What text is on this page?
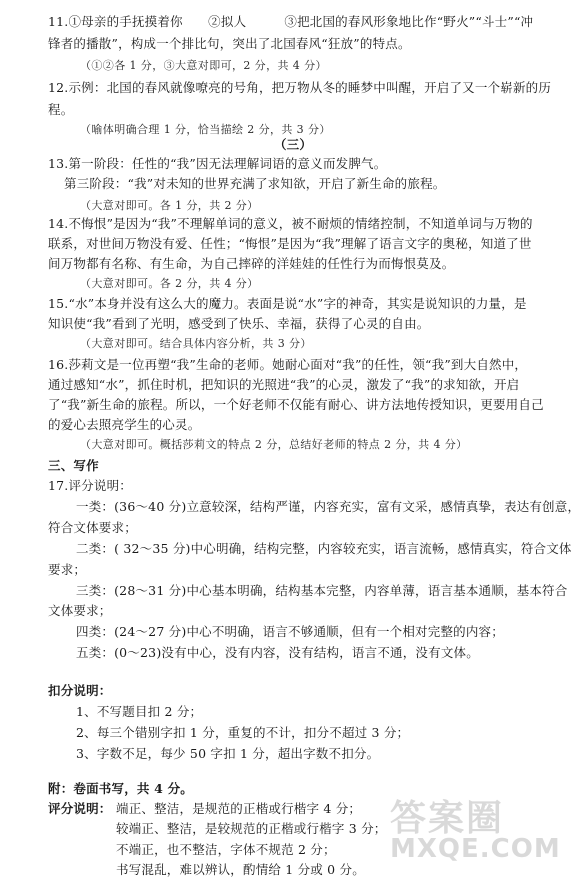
11.①母亲的手抚摸着你　　②拟人　　　③把北国的春风形象地比作“野火”“斗士”“冲
锋者的播散”，构成一个排比句，突出了北国春风“狂放”的特点。
（①②各 1 分，③大意对即可，2 分，共 4 分）
12.示例：北国的春风就像嘹亮的号角，把万物从冬的睡梦中叫醒，开启了又一个崭新的历
程。
（喻体明确合理 1 分，恰当描绘 2 分，共 3 分）
（三）
13.第一阶段：任性的“我”因无法理解词语的意义而发脾气。
第三阶段：“我”对未知的世界充满了求知欲，开启了新生命的旅程。
（大意对即可。各 1 分，共 2 分）
14.不悔恨”是因为“我”不理解单词的意义，被不耐烦的情绪控制，不知道单词与万物的
联系，对世间万物没有爱、任性；“悔恨”是因为“我”理解了语言文字的奥秘，知道了世
间万物都有名称、有生命，为自己摔碎的洋娃娃的任性行为而悔恨莫及。
（大意对即可。各 2 分，共 4 分）
15.“水”本身并没有这么大的魔力。表面是说“水”字的神奇，其实是说知识的力量，是
知识使“我”看到了光明，感受到了快乐、幸福，获得了心灵的自由。
（大意对即可。结合具体内容分析，共 3 分）
16.莎莉文是一位再塑“我”生命的老师。她耐心面对“我”的任性，领“我”到大自然中，
通过感知“水”，抓住时机，把知识的光照进“我”的心灵，激发了“我”的求知欲，开启
了“我”新生命的旅程。所以，一个好老师不仅能有耐心、讲方法地传授知识，更要用自己
的爱心去照亮学生的心灵。
（大意对即可。概括莎莉文的特点 2 分，总结好老师的特点 2 分，共 4 分）
三、写作
17.评分说明：
一类：(36～40 分)立意较深，结构严谨，内容充实，富有文采，感情真挚，表达有创意，
符合文体要求；
二类：( 32～35 分)中心明确，结构完整，内容较充实，语言流畅，感情真实，符合文体
要求；
三类：(28～31 分)中心基本明确，结构基本完整，内容单薄，语言基本通顺，基本符合
文体要求；
四类：(24～27 分)中心不明确，语言不够通顺，但有一个相对完整的内容；
五类：(0～23)没有中心，没有内容，没有结构，语言不通，没有文体。
扣分说明：
1、不写题目扣 2 分；
2、每三个错别字扣 1 分，重复的不计，扣分不超过 3 分；
3、字数不足，每少 50 字扣 1 分，超出字数不扣分。
附：卷面书写，共 4 分。
评分说明： 端正、整洁，是规范的正楷或行楷字 4 分；
较端正、整洁，是较规范的正楷或行楷字 3 分；
不端正，也不整洁，字体不规范 2 分；
书写混乱，难以辨认，酌情给 1 分或 0 分。
答案圈
MXQE.COM
